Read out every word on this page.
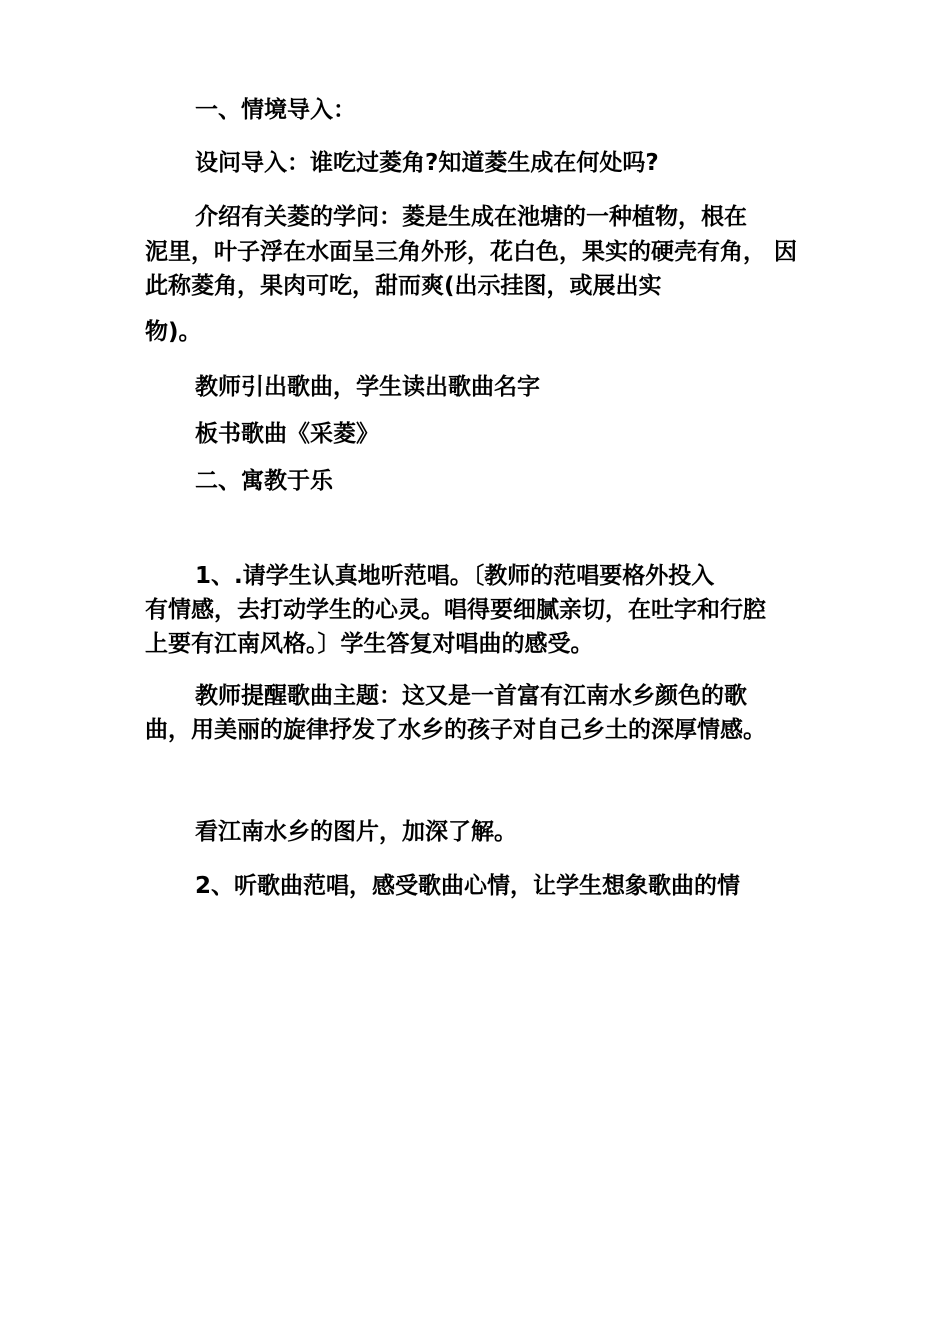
一、情境导入：
设问导入：谁吃过菱角?知道菱生成在何处吗?
介绍有关菱的学问：菱是生成在池塘的一种植物，根在
泥里，叶子浮在水面呈三角外形，花白色，果实的硬壳有角， 因
此称菱角，果肉可吃，甜而爽(出示挂图，或展出实
物)。
教师引出歌曲，学生读出歌曲名字
板书歌曲《采菱》
二、寓教于乐
1、.请学生认真地听范唱。〔教师的范唱要格外投入
有情感，去打动学生的心灵。唱得要细腻亲切，在吐字和行腔
上要有江南风格。〕学生答复对唱曲的感受。
教师提醒歌曲主题：这又是一首富有江南水乡颜色的歌
曲，用美丽的旋律抒发了水乡的孩子对自己乡土的深厚情感。
看江南水乡的图片，加深了解。
2、听歌曲范唱，感受歌曲心情，让学生想象歌曲的情
